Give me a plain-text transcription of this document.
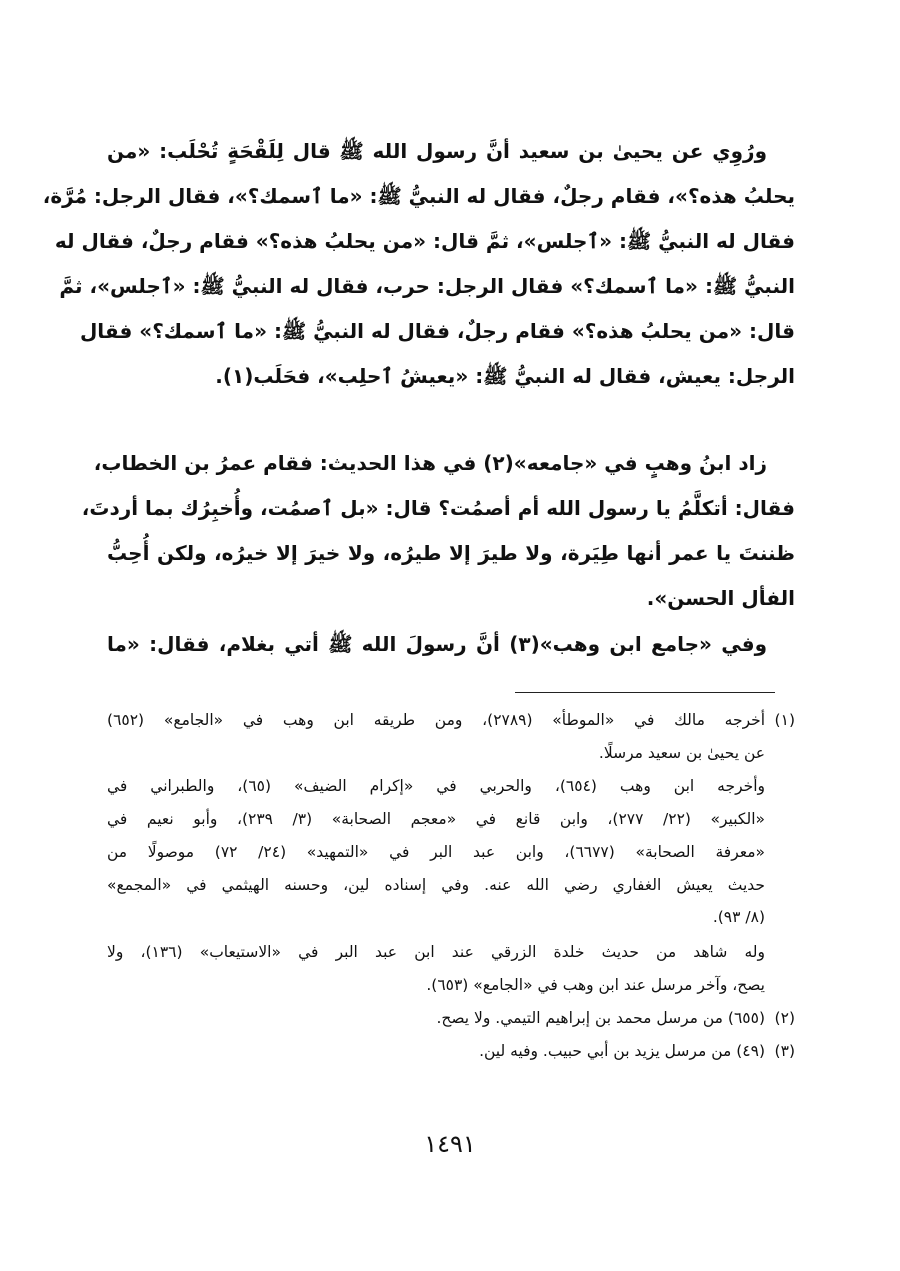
ورُوِي عن يحيىٰ بن سعيد أنَّ رسول الله ﷺ قال لِلَقْحَةٍ تُحْلَب: «من
يحلبُ هذه؟»، فقام رجلٌ، فقال له النبيُّ ﷺ: «ما ٱسمك؟»، فقال الرجل: مُرَّة،
فقال له النبيُّ ﷺ: «ٱجلس»، ثمَّ قال: «من يحلبُ هذه؟» فقام رجلٌ، فقال له
النبيُّ ﷺ: «ما ٱسمك؟» فقال الرجل: حرب، فقال له النبيُّ ﷺ: «ٱجلس»، ثمَّ
قال: «من يحلبُ هذه؟» فقام رجلٌ، فقال له النبيُّ ﷺ: «ما ٱسمك؟» فقال
الرجل: يعيش، فقال له النبيُّ ﷺ: «يعيشُ ٱحلِب»، فحَلَب(١).
زاد ابنُ وهبٍ في «جامعه»(٢) في هذا الحديث: فقام عمرُ بن الخطاب،
فقال: أتكلَّمُ يا رسول الله أم أصمُت؟ قال: «بل ٱصمُت، وأُخبِرُك بما أردتَ،
ظننتَ يا عمر أنها طِيَرة، ولا طيرَ إلا طيرُه، ولا خيرَ إلا خيرُه، ولكن أُحِبُّ
الفأل الحسن».
وفي «جامع ابن وهب»(٣) أنَّ رسولَ الله ﷺ أتي بغلام، فقال: «ما
(١)
أخرجه مالك في «الموطأ» (٢٧٨٩)، ومن طريقه ابن وهب في «الجامع» (٦٥٢)
عن يحيىٰ بن سعيد مرسلًا.
وأخرجه ابن وهب (٦٥٤)، والحربي في «إكرام الضيف» (٦٥)، والطبراني في
«الكبير» (٢٢/ ٢٧٧)، وابن قانع في «معجم الصحابة» (٣/ ٢٣٩)، وأبو نعيم في
«معرفة الصحابة» (٦٦٧٧)، وابن عبد البر في «التمهيد» (٢٤/ ٧٢) موصولًا من
حديث يعيش الغفاري رضي الله عنه. وفي إسناده لين، وحسنه الهيثمي في «المجمع»
(٨/ ٩٣).
وله شاهد من حديث خلدة الزرقي عند ابن عبد البر في «الاستيعاب» (١٣٦)، ولا
يصح، وآخر مرسل عند ابن وهب في «الجامع» (٦٥٣).
(٢)
(٦٥٥) من مرسل محمد بن إبراهيم التيمي. ولا يصح.
(٣)
(٤٩) من مرسل يزيد بن أبي حبيب. وفيه لين.
١٤٩١
